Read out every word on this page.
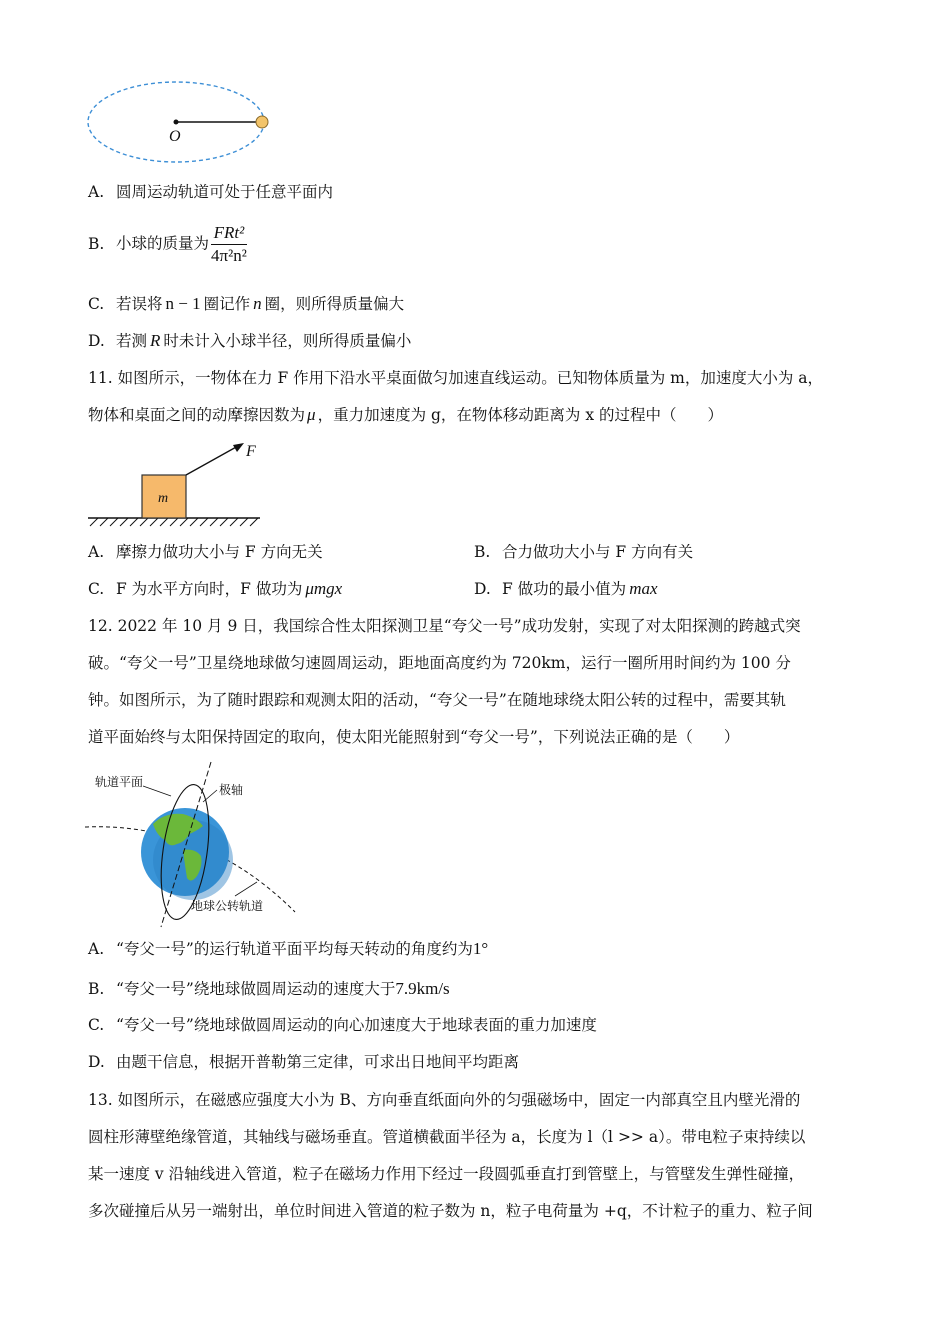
O
A. 圆周运动轨道可处于任意平面内
B. 小球的质量为 $\frac{\text{FRt²}}{\text{4π²n²}}$
C. 若误将 n − 1 圈记作 n 圈，则所得质量偏大
D. 若测 R 时未计入小球半径，则所得质量偏小
11. 如图所示，一物体在力 F 作用下沿水平桌面做匀加速直线运动。已知物体质量为 m，加速度大小为 a，
物体和桌面之间的动摩擦因数为 μ ，重力加速度为 g，在物体移动距离为 x 的过程中（　　）
m
F
A. 摩擦力做功大小与 F 方向无关	B. 合力做功大小与 F 方向有关
C. F 为水平方向时，F 做功为 μmgx	D. F 做功的最小值为 max
12. 2022 年 10 月 9 日，我国综合性太阳探测卫星“夸父一号”成功发射，实现了对太阳探测的跨越式突
破。“夸父一号”卫星绕地球做匀速圆周运动，距地面高度约为 720km，运行一圈所用时间约为 100 分
钟。如图所示，为了随时跟踪和观测太阳的活动，“夸父一号”在随地球绕太阳公转的过程中，需要其轨
道平面始终与太阳保持固定的取向，使太阳光能照射到“夸父一号”，下列说法正确的是（　　）
轨道平面
极轴
地球公转轨道
A. “夸父一号”的运行轨道平面平均每天转动的角度约为1°
B. “夸父一号”绕地球做圆周运动的速度大于7.9km/s
C. “夸父一号”绕地球做圆周运动的向心加速度大于地球表面的重力加速度
D. 由题干信息，根据开普勒第三定律，可求出日地间平均距离
13. 如图所示，在磁感应强度大小为 B、方向垂直纸面向外的匀强磁场中，固定一内部真空且内壁光滑的
圆柱形薄壁绝缘管道，其轴线与磁场垂直。管道横截面半径为 a，长度为 l（l >> a）。带电粒子束持续以
某一速度 v 沿轴线进入管道，粒子在磁场力作用下经过一段圆弧垂直打到管壁上，与管壁发生弹性碰撞，
多次碰撞后从另一端射出，单位时间进入管道的粒子数为 n，粒子电荷量为 +q，不计粒子的重力、粒子间
